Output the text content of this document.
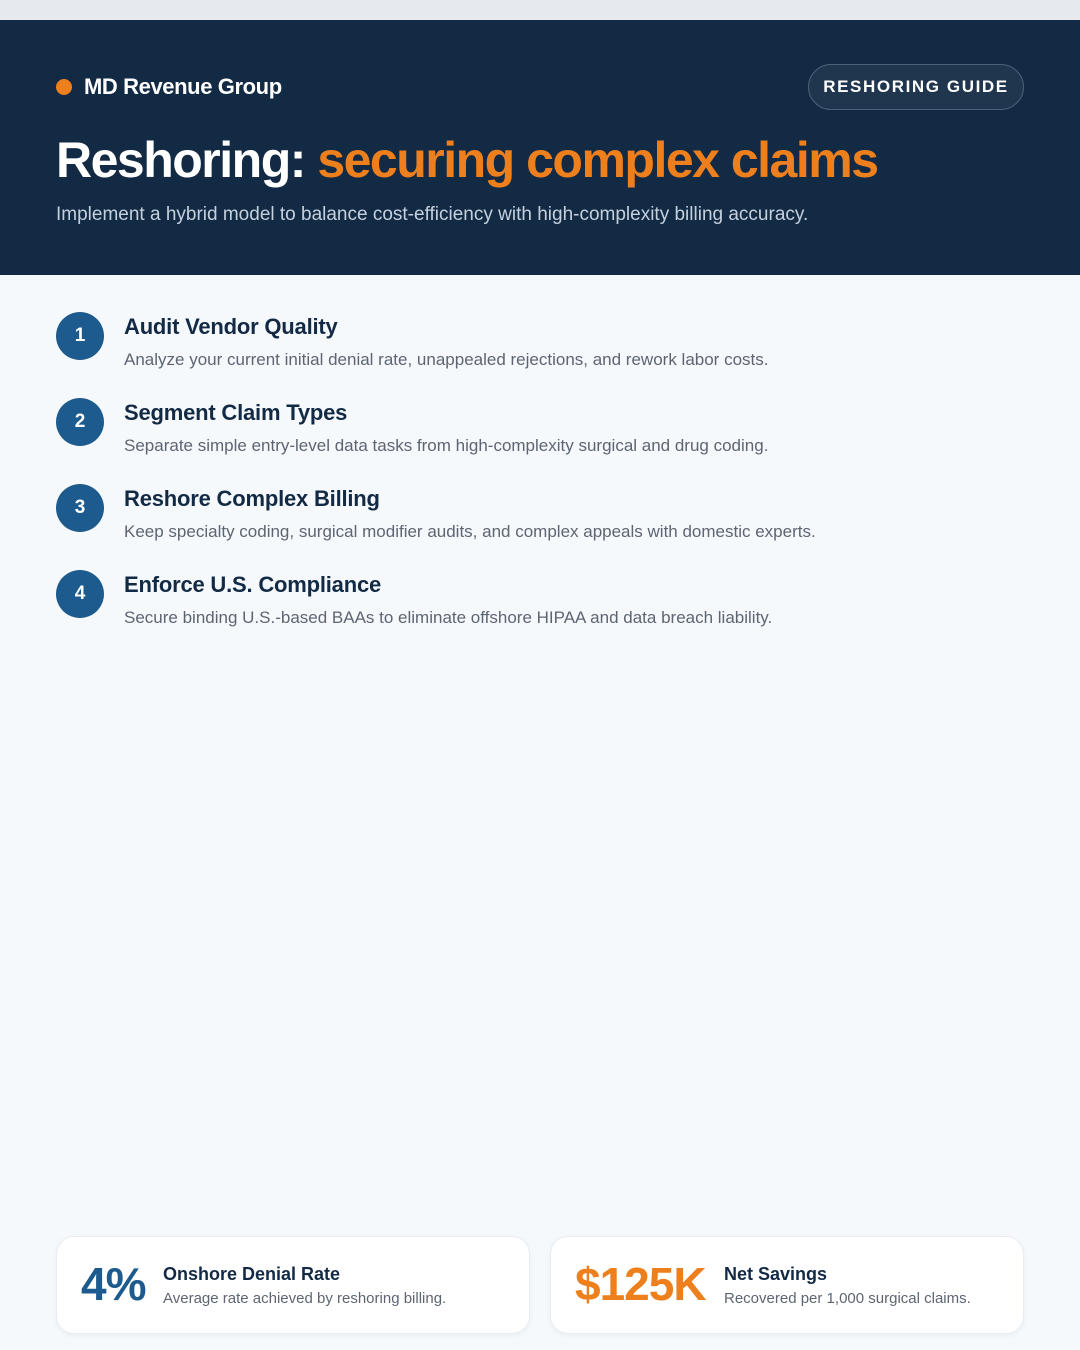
MD Revenue Group	RESHORING GUIDE
Reshoring: securing complex claims

Implement a hybrid model to balance cost-efficiency with high-complexity billing accuracy.

1	Audit Vendor Quality
Analyze your current initial denial rate, unappealed rejections, and rework labor costs.
2	Segment Claim Types
Separate simple entry-level data tasks from high-complexity surgical and drug coding.
3	Reshore Complex Billing
Keep specialty coding, surgical modifier audits, and complex appeals with domestic experts.
4	Enforce U.S. Compliance
Secure binding U.S.-based BAAs to eliminate offshore HIPAA and data breach liability.
4% Onshore Denial Rate
Average rate achieved by reshoring billing.	$125K Net Savings
Recovered per 1,000 surgical claims.
